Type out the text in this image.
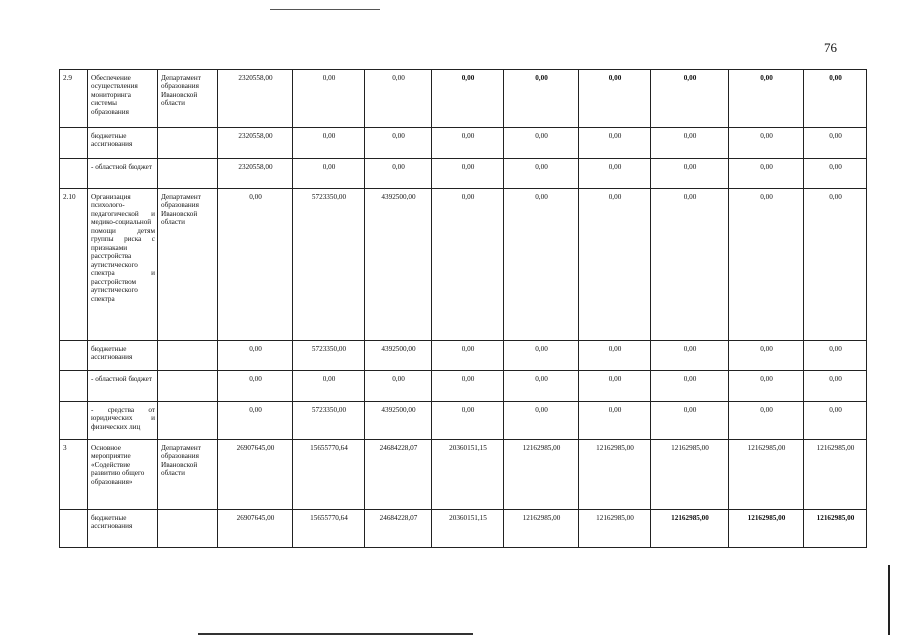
76
2.9	Обеспечение осуществления мониторинга системы образования	Департамент образования Ивановской области	2320558,00	0,00	0,00	0,00	0,00	0,00	0,00	0,00	0,00
	бюджетные ассигнования		2320558,00	0,00	0,00	0,00	0,00	0,00	0,00	0,00	0,00
	- областной бюджет		2320558,00	0,00	0,00	0,00	0,00	0,00	0,00	0,00	0,00
2.10	Организация психолого-педагогической и медико-социальной помощи детям группы риска с признаками расстройства аутистического спектра и расстройством аутистического спектра	Департамент образования Ивановской области	0,00	5723350,00	4392500,00	0,00	0,00	0,00	0,00	0,00	0,00
	бюджетные ассигнования		0,00	5723350,00	4392500,00	0,00	0,00	0,00	0,00	0,00	0,00
	- областной бюджет		0,00	0,00	0,00	0,00	0,00	0,00	0,00	0,00	0,00
	- средства от юридических и физических лиц		0,00	5723350,00	4392500,00	0,00	0,00	0,00	0,00	0,00	0,00
3	Основное мероприятие «Содействие развитию общего образования»	Департамент образования Ивановской области	26907645,00	15655770,64	24684228,07	20360151,15	12162985,00	12162985,00	12162985,00	12162985,00	12162985,00
	бюджетные ассигнования		26907645,00	15655770,64	24684228,07	20360151,15	12162985,00	12162985,00	12162985,00	12162985,00	12162985,00
